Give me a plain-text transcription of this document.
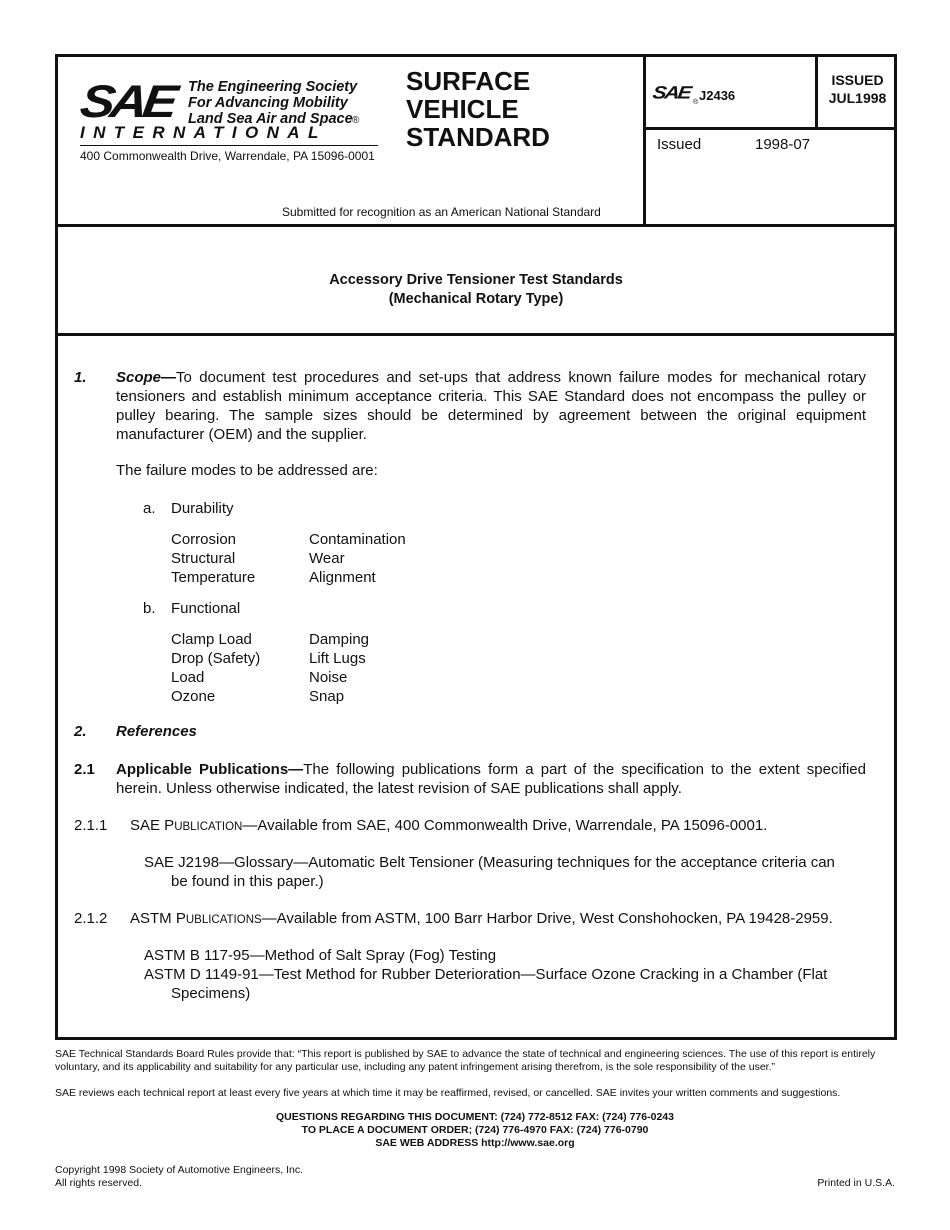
SAE The Engineering Society
For Advancing Mobility
Land Sea Air and Space ®
INTERNATIONAL
400 Commonwealth Drive, Warrendale, PA 15096-0001
SURFACE
VEHICLE
STANDARD
Submitted for recognition as an American National Standard
SAE ® J2436
ISSUED
JUL1998
Issued	1998-07
Accessory Drive Tensioner Test Standards
(Mechanical Rotary Type)
1. Scope—To document test procedures and set-ups that address known failure modes for mechanical rotary tensioners and establish minimum acceptance criteria. This SAE Standard does not encompass the pulley or pulley bearing. The sample sizes should be determined by agreement between the original equipment manufacturer (OEM) and the supplier.
The failure modes to be addressed are:
a. Durability
Corrosion
Structural
Temperature
Contamination
Wear
Alignment
b. Functional
Clamp Load
Drop (Safety)
Load
Ozone
Damping
Lift Lugs
Noise
Snap
2. References
2.1 Applicable Publications—The following publications form a part of the specification to the extent specified herein. Unless otherwise indicated, the latest revision of SAE publications shall apply.
2.1.1 SAE PUBLICATION—Available from SAE, 400 Commonwealth Drive, Warrendale, PA 15096-0001.
SAE J2198—Glossary—Automatic Belt Tensioner (Measuring techniques for the acceptance criteria can
be found in this paper.)
2.1.2 ASTM PUBLICATIONS—Available from ASTM, 100 Barr Harbor Drive, West Conshohocken, PA 19428-2959.
ASTM B 117-95—Method of Salt Spray (Fog) Testing
ASTM D 1149-91—Test Method for Rubber Deterioration—Surface Ozone Cracking in a Chamber (Flat
Specimens)

SAE Technical Standards Board Rules provide that: “This report is published by SAE to advance the state of technical and engineering sciences. The use of this report is entirely voluntary, and its applicability and suitability for any particular use, including any patent infringement arising therefrom, is the sole responsibility of the user.”

SAE reviews each technical report at least every five years at which time it may be reaffirmed, revised, or cancelled. SAE invites your written comments and suggestions.

QUESTIONS REGARDING THIS DOCUMENT: (724) 772-8512 FAX: (724) 776-0243

TO PLACE A DOCUMENT ORDER; (724) 776-4970 FAX: (724) 776-0790

SAE WEB ADDRESS http://www.sae.org

Copyright 1998 Society of Automotive Engineers, Inc.

All rights reserved.	Printed in U.S.A.
